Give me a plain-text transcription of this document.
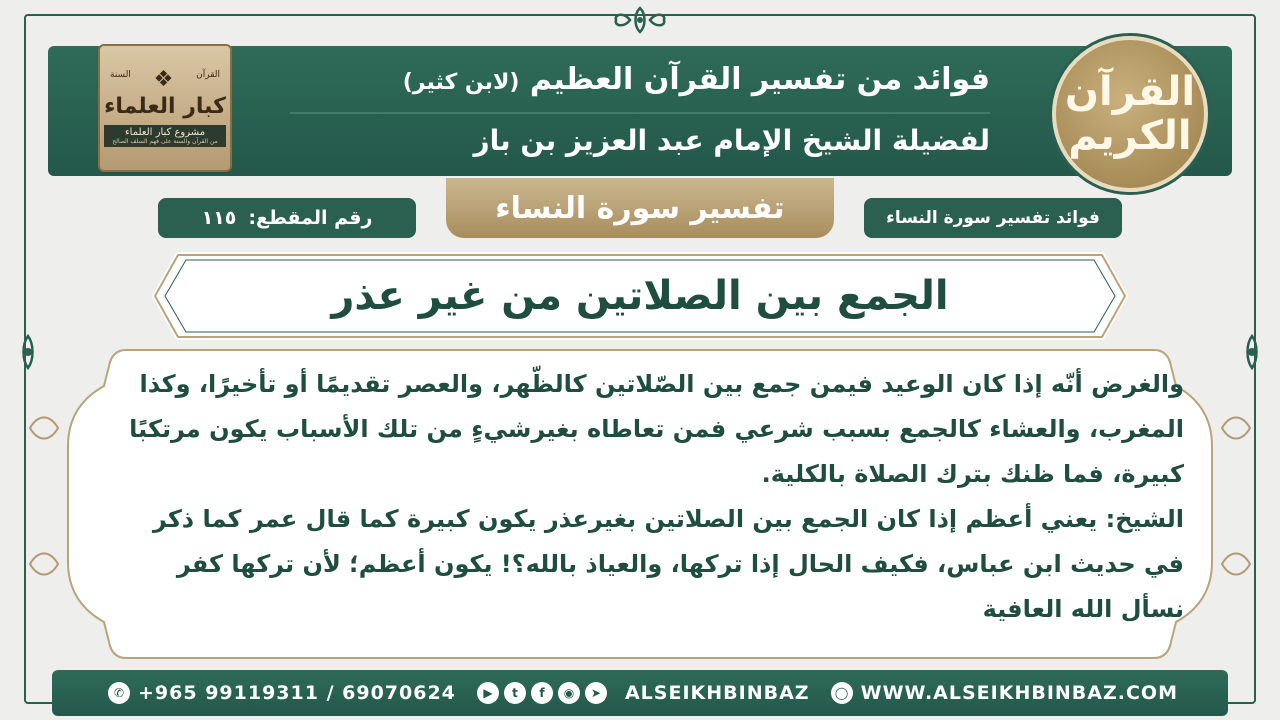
فوائد من تفسير القرآن العظيم (لابن كثير)
لفضيلة الشيخ الإمام عبد العزيز بن باز
القرآن
❖
السنة
كبار العلماء
مشروع كبار العلماء
من القرآن والسنة على فهم السلف الصالح
القرآن الكريم
رقم المقطع:
١١٥	تفسير سورة النساء	فوائد تفسير سورة النساء
الجمع بين الصلاتين من غير عذر

والغرض أنّه إذا كان الوعيد فيمن جمع بين الصّلاتين كالظّهر، والعصر تقديمًا أو تأخيرًا، وكذا المغرب، والعشاء كالجمع بسبب شرعي فمن تعاطاه بغيرشيءٍ من تلك الأسباب يكون مرتكبًا كبيرة، فما ظنك بترك الصلاة بالكلية.

الشيخ: يعني أعظم إذا كان الجمع بين الصلاتين بغيرعذر يكون كبيرة كما قال عمر كما ذكر في حديث ابن عباس، فكيف الحال إذا تركها، والعياذ بالله؟! يكون أعظم؛ لأن تركها كفر نسأل الله العافية

✆ +965 99119311 / 69070624	▶	t	f	◉	➤	ALSEIKHBINBAZ	◯ WWW.ALSEIKHBINBAZ.COM
